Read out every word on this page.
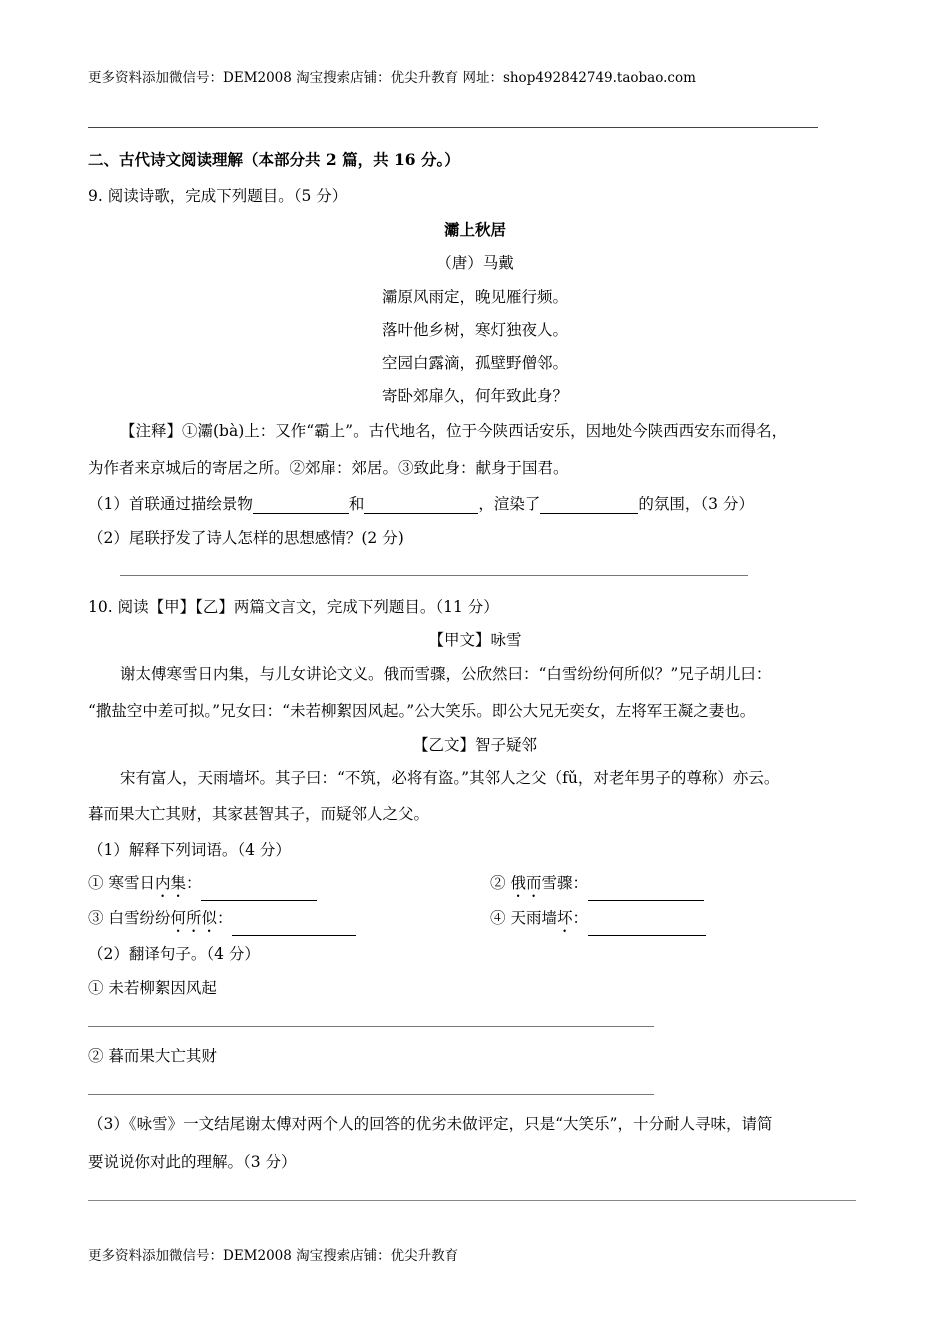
更多资料添加微信号：DEM2008 淘宝搜索店铺：优尖升教育 网址：shop492842749.taobao.com
二、古代诗文阅读理解（本部分共 2 篇，共 16 分。）
9. 阅读诗歌，完成下列题目。（5 分）
灞上秋居
（唐）马戴
灞原风雨定，晚见雁行频。
落叶他乡树，寒灯独夜人。
空园白露滴，孤壁野僧邻。
寄卧郊扉久，何年致此身？
【注释】①灞(bà)上：又作“霸上”。古代地名，位于今陕西话安乐，因地处今陕西西安东而得名，
为作者来京城后的寄居之所。②郊扉：郊居。③致此身：献身于国君。
（1）首联通过描绘景物	和	，渲染了	的氛围，（3 分）
（2）尾联抒发了诗人怎样的思想感情？(2 分)
10. 阅读【甲】【乙】两篇文言文，完成下列题目。（11 分）
【甲文】咏雪
谢太傅寒雪日内集，与儿女讲论文义。俄而雪骤，公欣然曰：“白雪纷纷何所似？”兄子胡儿曰：
“撒盐空中差可拟。”兄女曰：“未若柳絮因风起。”公大笑乐。即公大兄无奕女，左将军王凝之妻也。
【乙文】智子疑邻
宋有富人，天雨墙坏。其子曰：“不筑，必将有盗。”其邻人之父（fǔ，对老年男子的尊称）亦云。
暮而果大亡其财，其家甚智其子，而疑邻人之父。
（1）解释下列词语。（4 分）
① 寒雪日内集：	② 俄而雪骤：
③ 白雪纷纷何所似：	④ 天雨墙坏：
（2）翻译句子。（4 分）
① 未若柳絮因风起
② 暮而果大亡其财
（3）《咏雪》一文结尾谢太傅对两个人的回答的优劣未做评定，只是“大笑乐”，十分耐人寻味，请简
要说说你对此的理解。（3 分）
更多资料添加微信号：DEM2008 淘宝搜索店铺：优尖升教育
